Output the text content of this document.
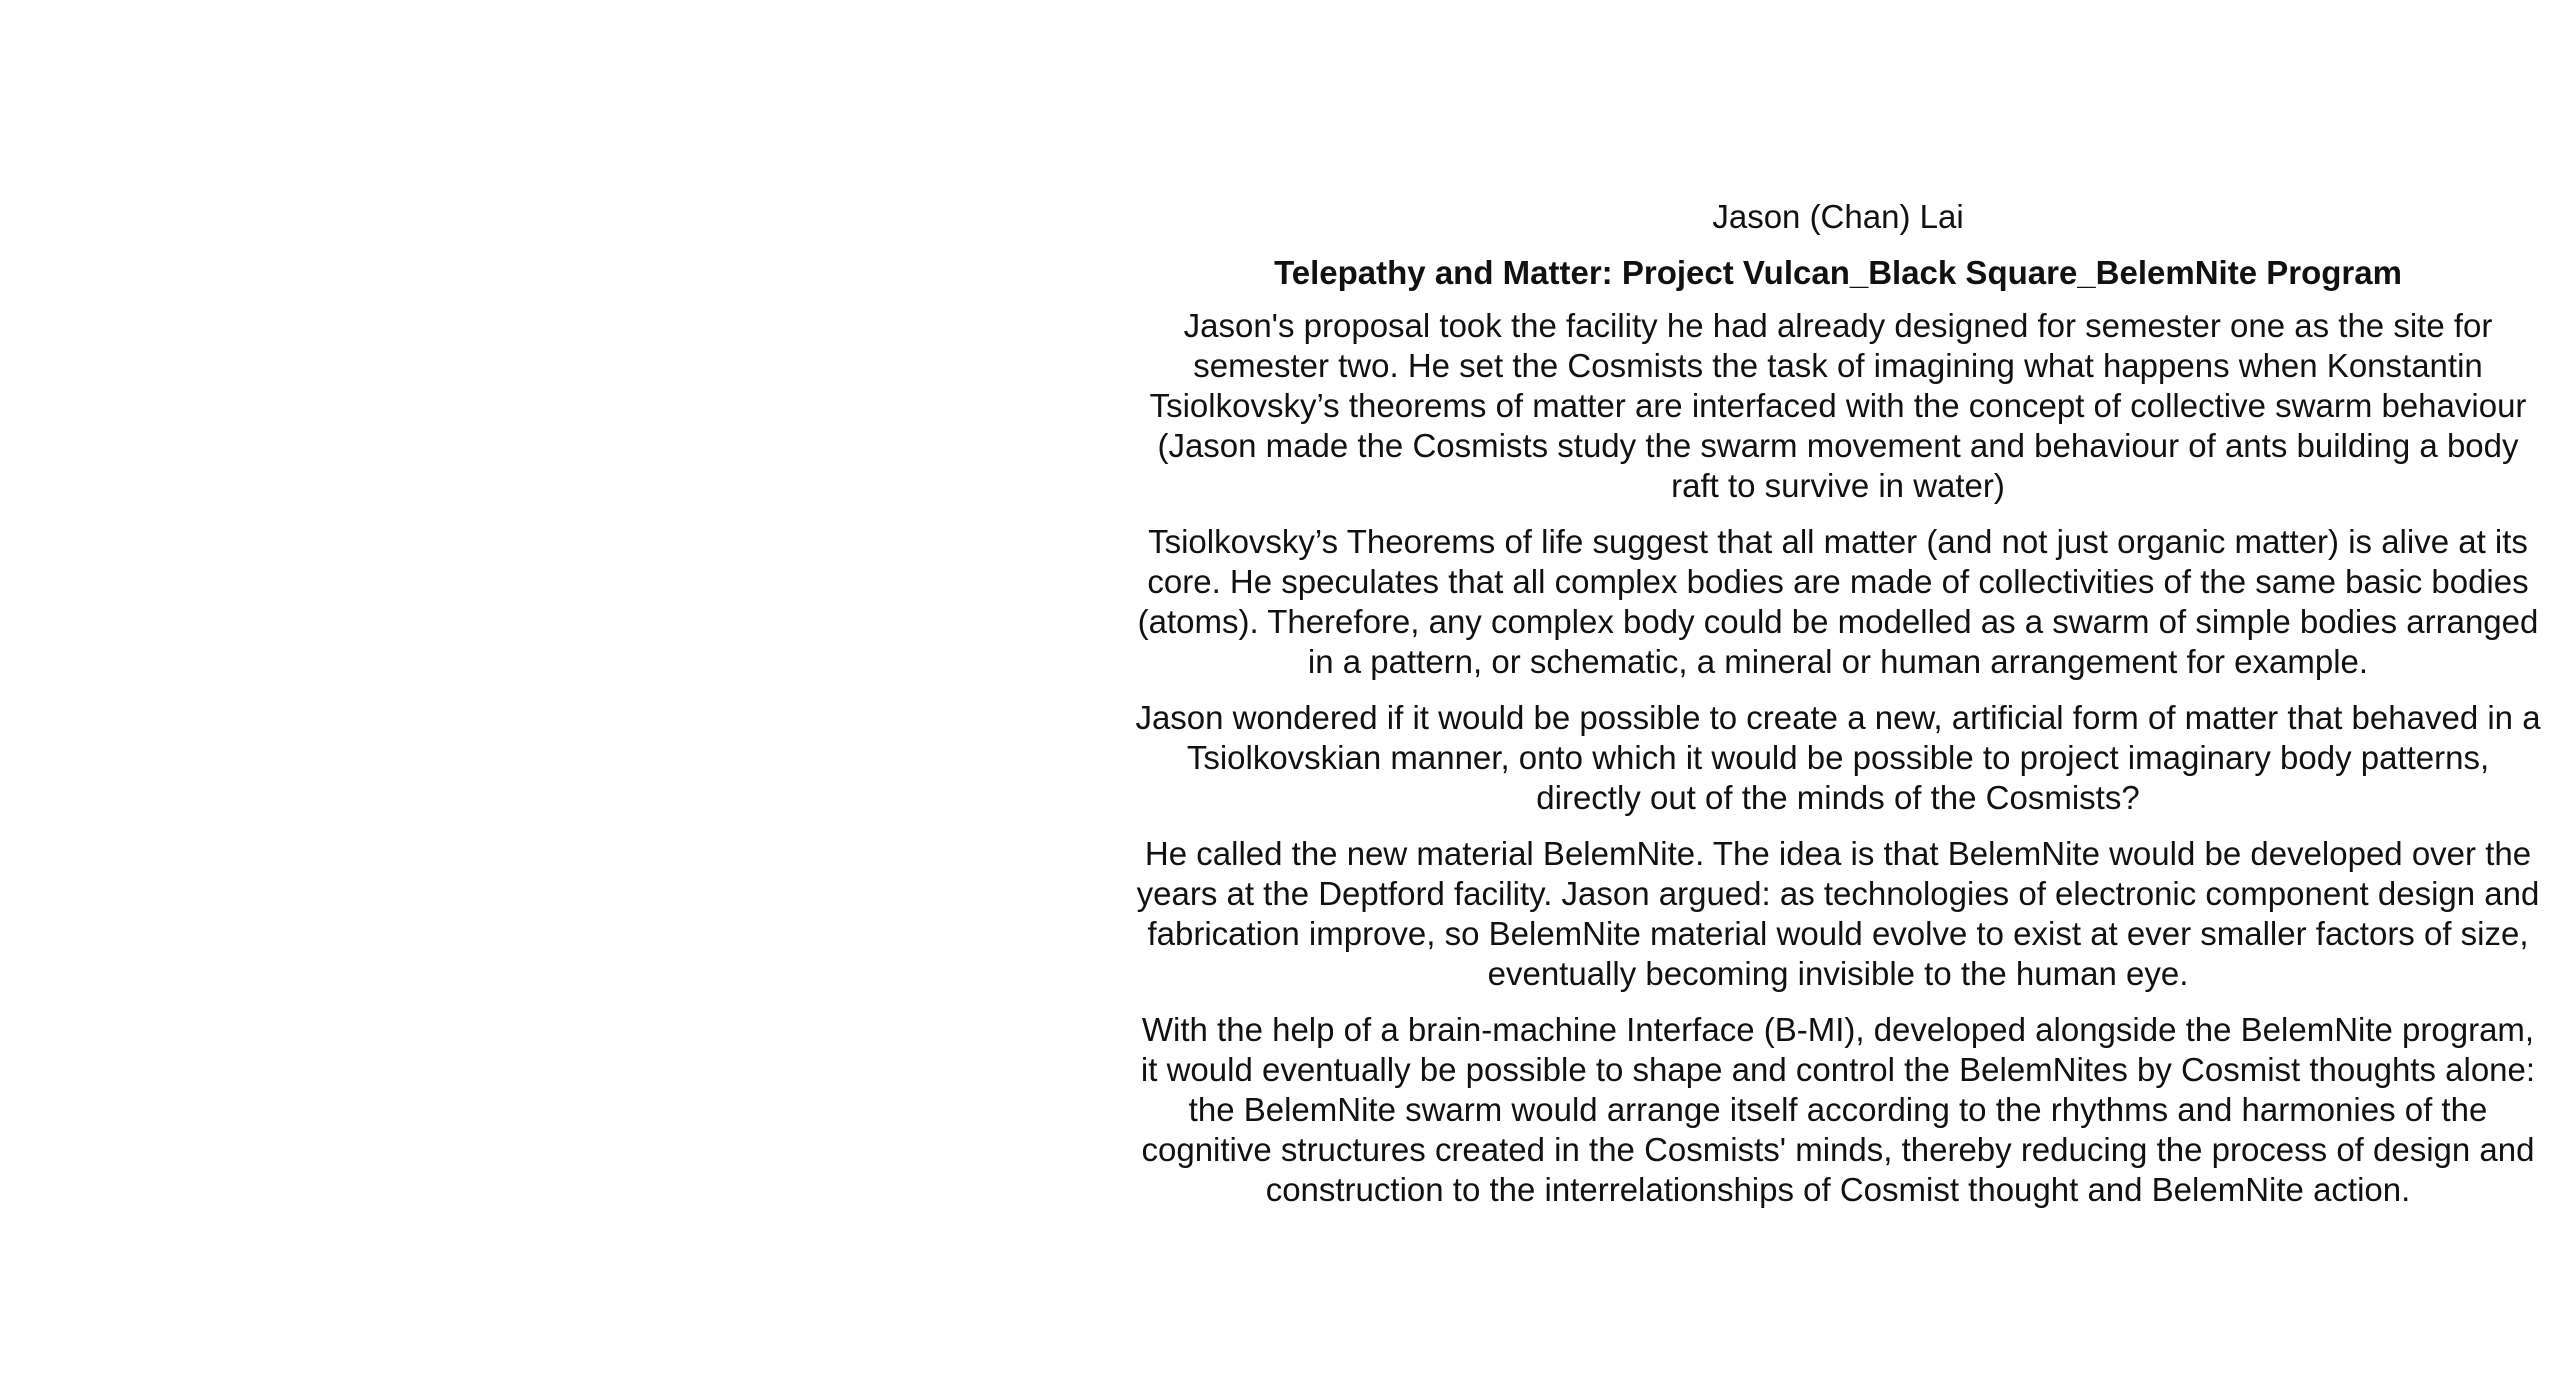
Jason (Chan) Lai
Telepathy and Matter: Project Vulcan_Black Square_BelemNite Program

Jason's proposal took the facility he had already designed for semester one as the site for semester two. He set the Cosmists the task of imagining what happens when Konstantin Tsiolkovsky’s theorems of matter are interfaced with the concept of collective swarm behaviour (Jason made the Cosmists study the swarm movement and behaviour of ants building a body raft to survive in water)

Tsiolkovsky’s Theorems of life suggest that all matter (and not just organic matter) is alive at its core. He speculates that all complex bodies are made of collectivities of the same basic bodies (atoms). Therefore, any complex body could be modelled as a swarm of simple bodies arranged in a pattern, or schematic, a mineral or human arrangement for example.

Jason wondered if it would be possible to create a new, artificial form of matter that behaved in a Tsiolkovskian manner, onto which it would be possible to project imaginary body patterns, directly out of the minds of the Cosmists?

He called the new material BelemNite. The idea is that BelemNite would be developed over the years at the Deptford facility. Jason argued: as technologies of electronic component design and fabrication improve, so BelemNite material would evolve to exist at ever smaller factors of size, eventually becoming invisible to the human eye.

With the help of a brain-machine Interface (B-MI), developed alongside the BelemNite program, it would eventually be possible to shape and control the BelemNites by Cosmist thoughts alone: the BelemNite swarm would arrange itself according to the rhythms and harmonies of the cognitive structures created in the Cosmists' minds, thereby reducing the process of design and construction to the interrelationships of Cosmist thought and BelemNite action.
